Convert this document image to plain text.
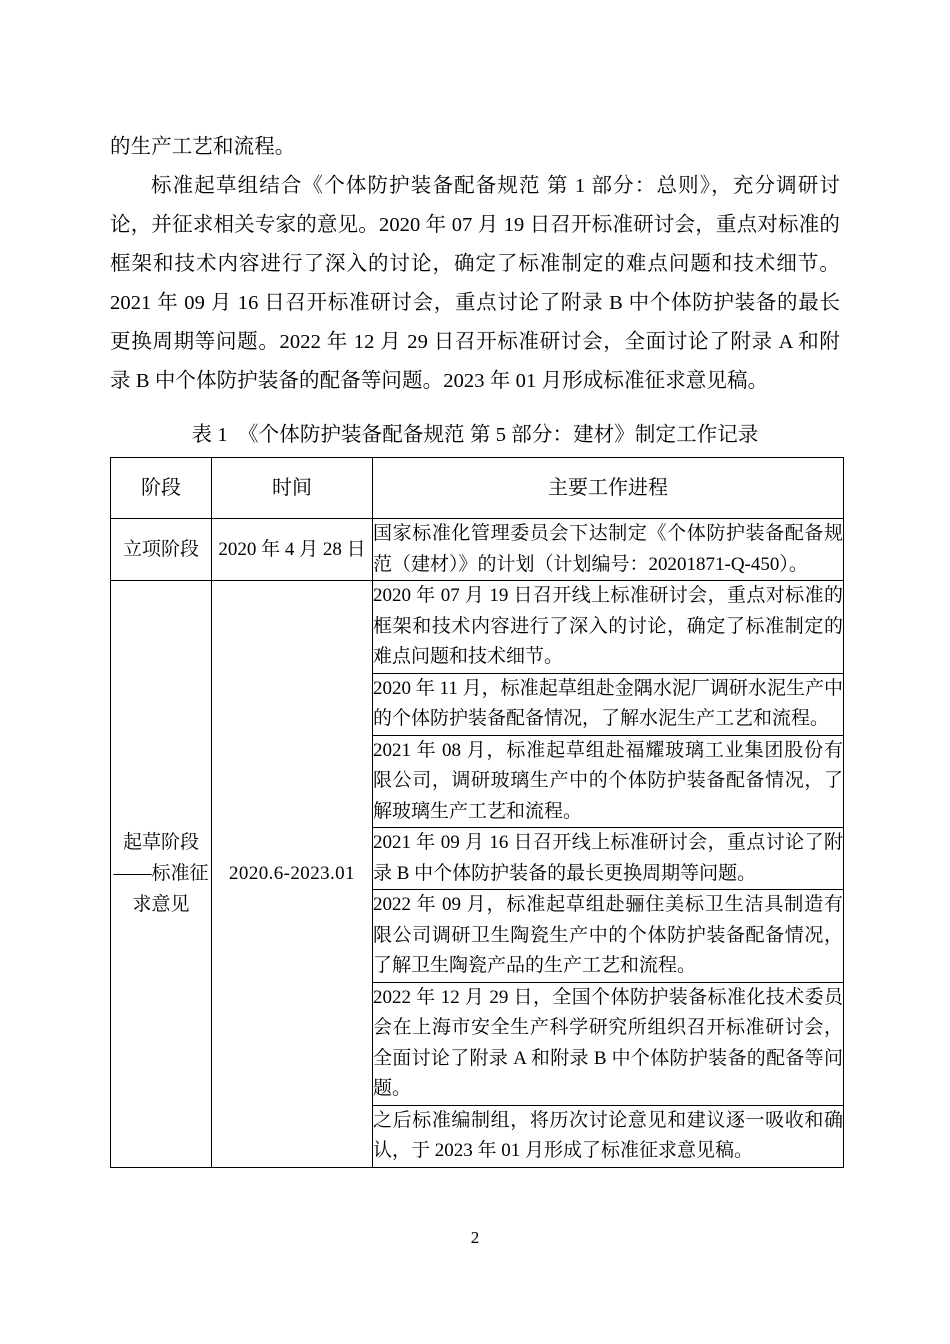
的生产工艺和流程。

标准起草组结合《个体防护装备配备规范 第 1 部分：总则》，充分调研讨论，并征求相关专家的意见。2020 年 07 月 19 日召开标准研讨会，重点对标准的框架和技术内容进行了深入的讨论，确定了标准制定的难点问题和技术细节。2021 年 09 月 16 日召开标准研讨会，重点讨论了附录 B 中个体防护装备的最长更换周期等问题。2022 年 12 月 29 日召开标准研讨会，全面讨论了附录 A 和附录 B 中个体防护装备的配备等问题。2023 年 01 月形成标准征求意见稿。

表 1　《个体防护装备配备规范 第 5 部分：建材》制定工作记录
阶段	时间	主要工作进程

立项阶段	2020 年 4 月 28 日	国家标准化管理委员会下达制定《个体防护装备配备规范（建材）》的计划（计划编号：20201871-Q-450）。
起草阶段——标准征求意见	2020.6-2023.01	2020 年 07 月 19 日召开线上标准研讨会，重点对标准的框架和技术内容进行了深入的讨论，确定了标准制定的难点问题和技术细节。
		2020 年 11 月，标准起草组赴金隅水泥厂调研水泥生产中的个体防护装备配备情况，了解水泥生产工艺和流程。
		2021 年 08 月，标准起草组赴福耀玻璃工业集团股份有限公司，调研玻璃生产中的个体防护装备配备情况，了解玻璃生产工艺和流程。
		2021 年 09 月 16 日召开线上标准研讨会，重点讨论了附录 B 中个体防护装备的最长更换周期等问题。
		2022 年 09 月，标准起草组赴骊住美标卫生洁具制造有限公司调研卫生陶瓷生产中的个体防护装备配备情况，了解卫生陶瓷产品的生产工艺和流程。
		2022 年 12 月 29 日，全国个体防护装备标准化技术委员会在上海市安全生产科学研究所组织召开标准研讨会，全面讨论了附录 A 和附录 B 中个体防护装备的配备等问题。
		之后标准编制组，将历次讨论意见和建议逐一吸收和确认，于 2023 年 01 月形成了标准征求意见稿。
2
